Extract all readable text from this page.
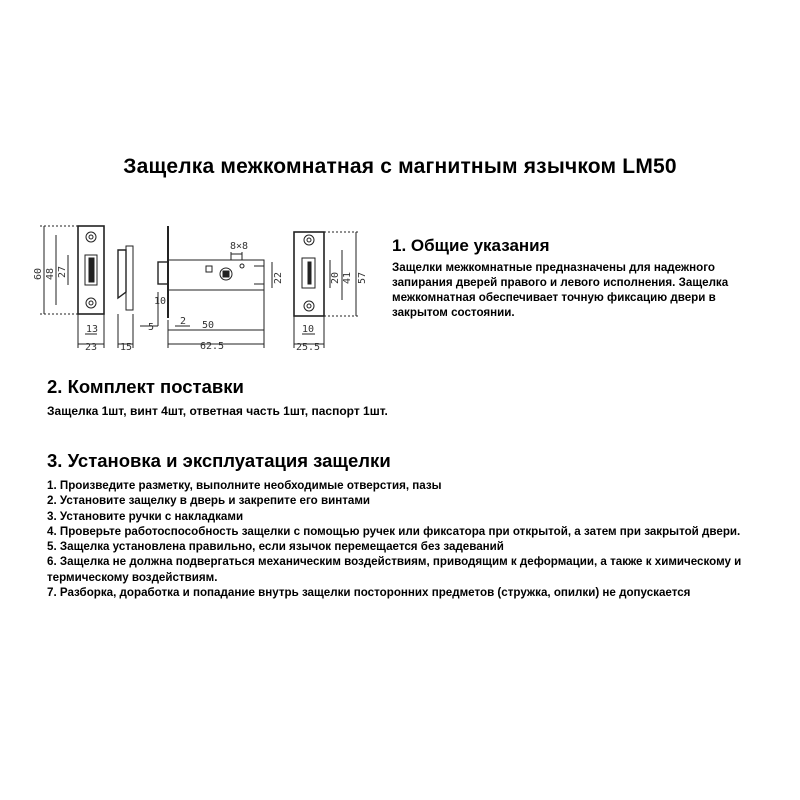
Защелка межкомнатная с магнитным язычком LM50
60 48 27
13
23 15
5
2
10
50
62.5
8×8
22
10
25.5
20 41 57
1. Общие указания

Защелки межкомнатные предназначены для надежного запирания дверей правого и левого исполнения. Защелка межкомнатная обеспечивает точную фиксацию двери в закрытом состоянии.

2. Комплект поставки

Защелка 1шт, винт 4шт, ответная часть 1шт, паспорт 1шт.

3. Установка и эксплуатация защелки
1. Произведите разметку, выполните необходимые отверстия, пазы
2. Установите защелку в дверь и закрепите его винтами
3. Установите ручки с накладками
4. Проверьте работоспособность защелки с помощью ручек или фиксатора при открытой, а затем при закрытой двери.
5. Защелка установлена правильно, если язычок перемещается без задеваний
6. Защелка не должна подвергаться механическим воздействиям, приводящим к деформации, а также к химическому и термическому воздействиям.
7. Разборка, доработка и попадание внутрь защелки посторонних предметов (стружка, опилки) не допускается
